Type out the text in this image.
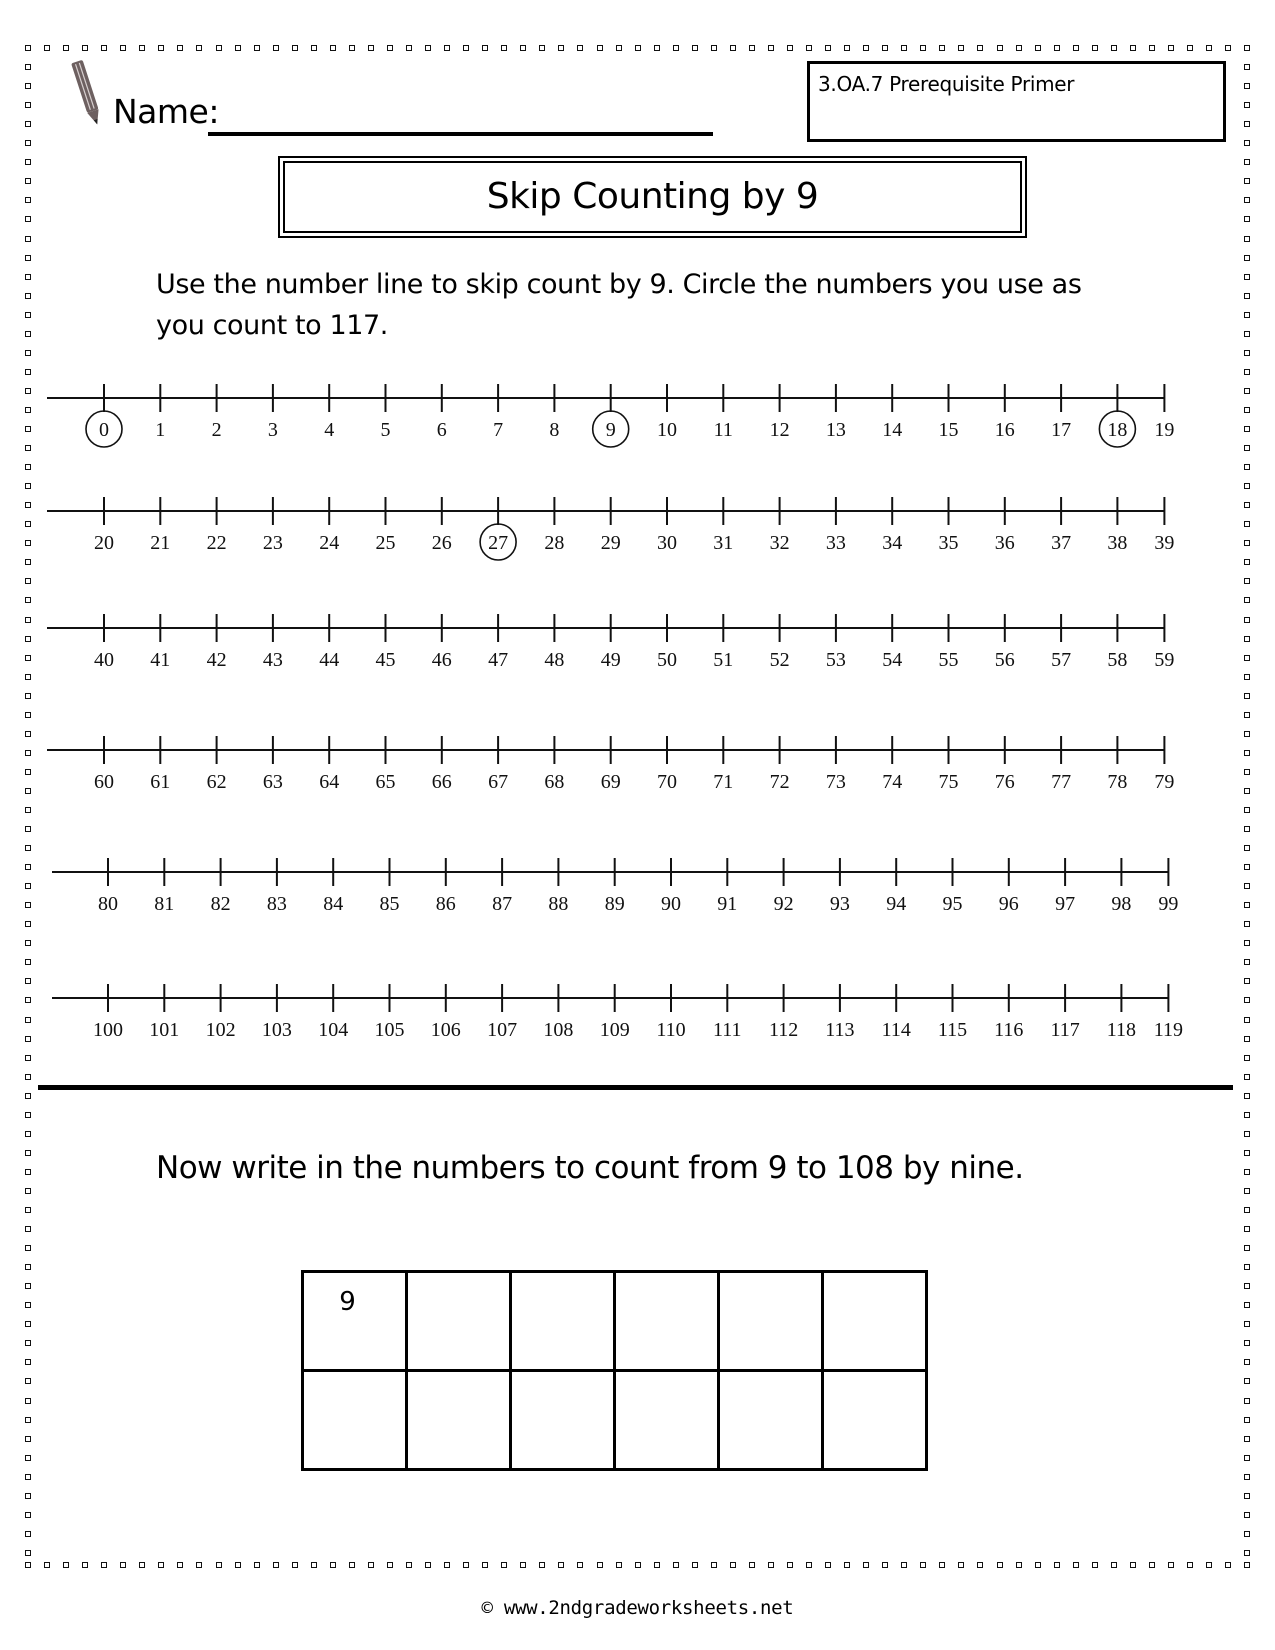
Name:
3.OA.7 Prerequisite Primer
Skip Counting by 9
Use the number line to skip count by 9. Circle the numbers you use as you count to 117.
0 1 2 3 4 5 6 7 8 9 10 11 12 13 14 15 16 17 18 19
20 21 22 23 24 25 26 27 28 29 30 31 32 33 34 35 36 37 38 39
40 41 42 43 44 45 46 47 48 49 50 51 52 53 54 55 56 57 58 59
60 61 62 63 64 65 66 67 68 69 70 71 72 73 74 75 76 77 78 79
80 81 82 83 84 85 86 87 88 89 90 91 92 93 94 95 96 97 98 99
100 101 102 103 104 105 106 107 108 109 110 111 112 113 114 115 116 117 118 119
Now write in the numbers to count from 9 to 108 by nine.
9					

© www.2ndgradeworksheets.net
